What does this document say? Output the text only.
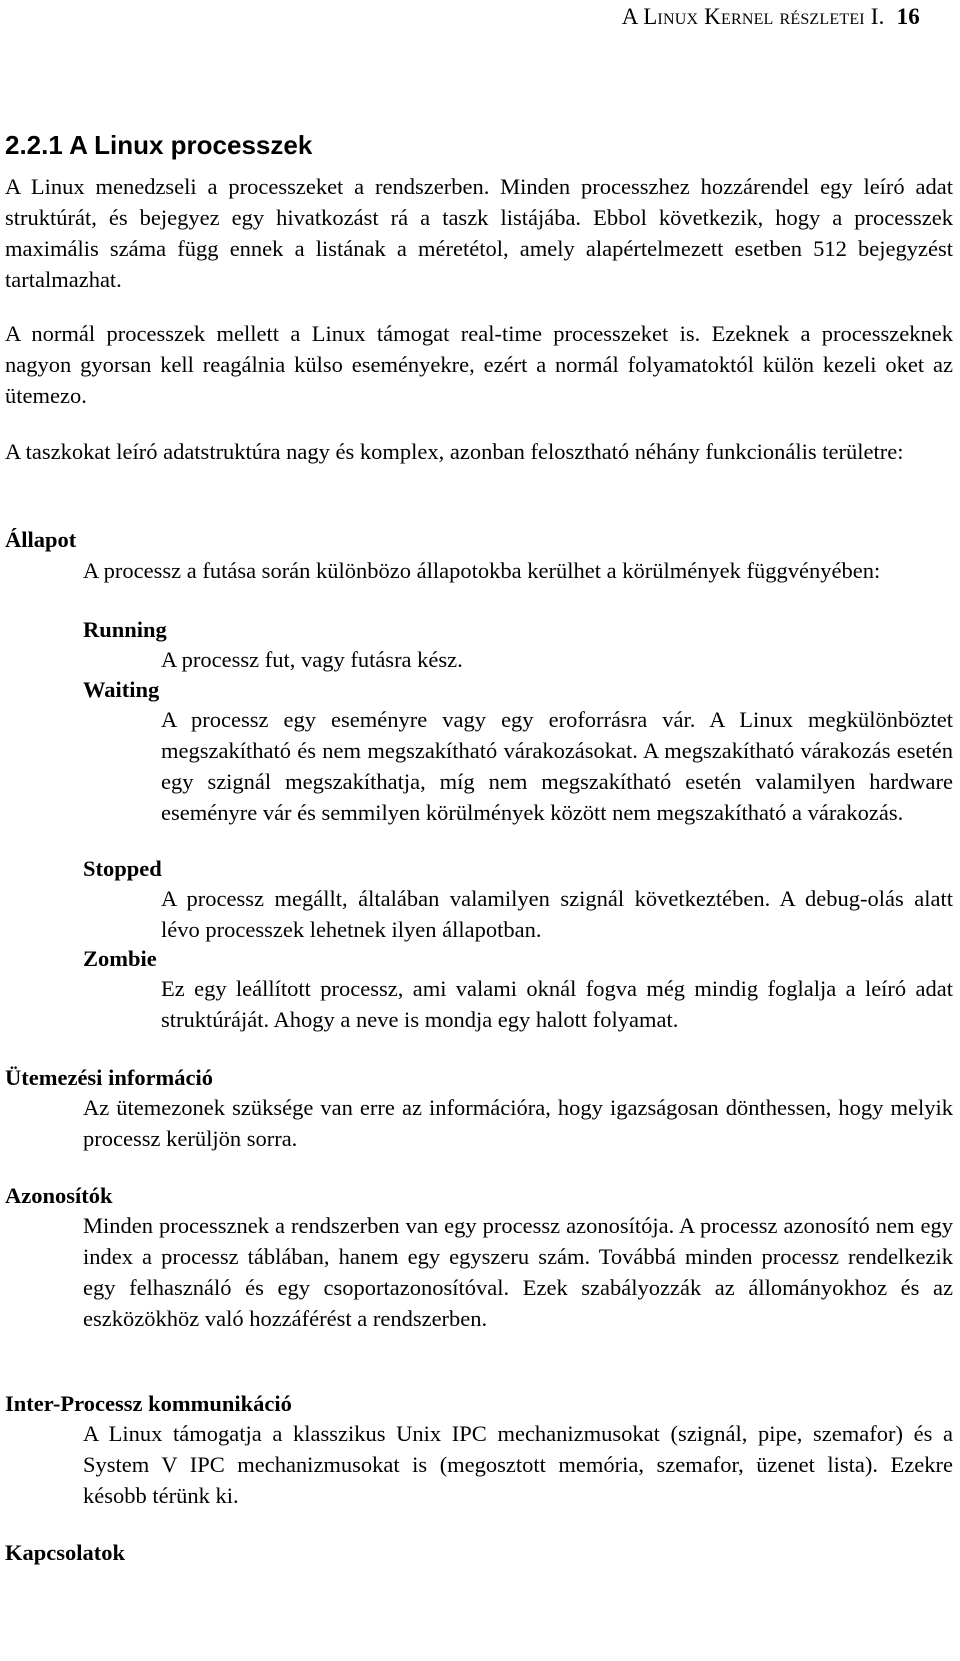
A Linux Kernel részletei I. 16
2.2.1 A Linux processzek

A Linux menedzseli a processzeket a rendszerben. Minden processzhez hozzárendel egy leíró adat struktúrát, és bejegyez egy hivatkozást rá a taszk listájába. Ebbol következik, hogy a processzek maximális száma függ ennek a listának a méretétol, amely alapértelmezett esetben 512 bejegyzést tartalmazhat.

A normál processzek mellett a Linux támogat real-time processzeket is. Ezeknek a processzeknek nagyon gyorsan kell reagálnia külso eseményekre, ezért a normál folyamatoktól külön kezeli oket az ütemezo.

A taszkokat leíró adatstruktúra nagy és komplex, azonban felosztható néhány funkcionális területre:

Állapot

A processz a futása során különbözo állapotokba kerülhet a körülmények függvényében:

Running

A processz fut, vagy futásra kész.

Waiting

A processz egy eseményre vagy egy eroforrásra vár. A Linux megkülönböztet megszakítható és nem megszakítható várakozásokat. A megszakítható várakozás esetén egy szignál megszakíthatja, míg nem megszakítható esetén valamilyen hardware eseményre vár és semmilyen körülmények között nem megszakítható a várakozás.

Stopped

A processz megállt, általában valamilyen szignál következtében. A debug-olás alatt lévo processzek lehetnek ilyen állapotban.

Zombie

Ez egy leállított processz, ami valami oknál fogva még mindig foglalja a leíró adat struktúráját. Ahogy a neve is mondja egy halott folyamat.

Ütemezési információ

Az ütemezonek szüksége van erre az információra, hogy igazságosan dönthessen, hogy melyik processz kerüljön sorra.

Azonosítók

Minden processznek a rendszerben van egy processz azonosítója. A processz azonosító nem egy index a processz táblában, hanem egy egyszeru szám. Továbbá minden processz rendelkezik egy felhasználó és egy csoportazonosítóval. Ezek szabályozzák az állományokhoz és az eszközökhöz való hozzáférést a rendszerben.

Inter-Processz kommunikáció

A Linux támogatja a klasszikus Unix IPC mechanizmusokat (szignál, pipe, szemafor) és a System V IPC mechanizmusokat is (megosztott memória, szemafor, üzenet lista). Ezekre késobb térünk ki.

Kapcsolatok
